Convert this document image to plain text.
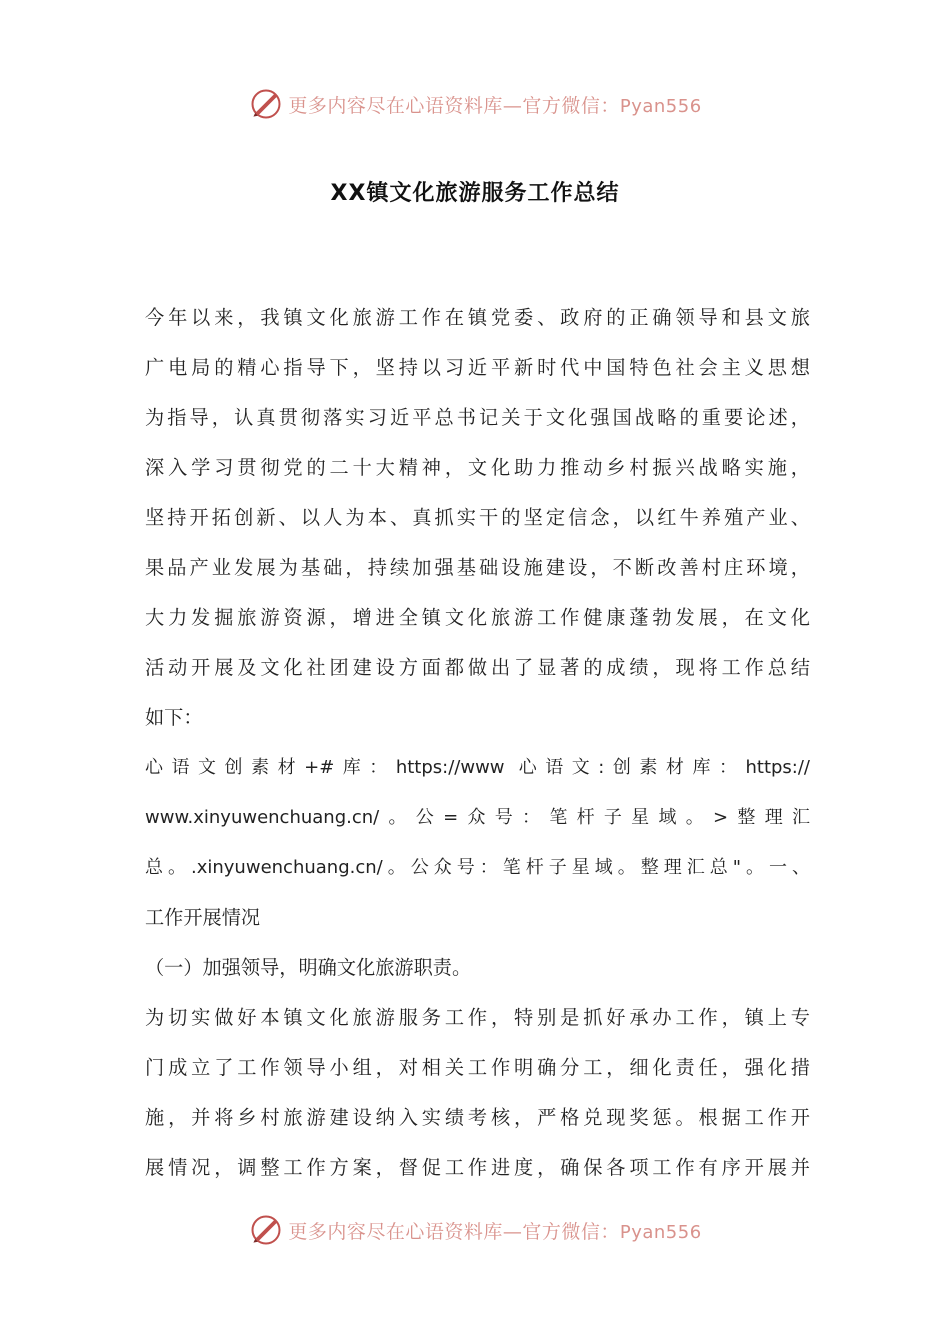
更多内容尽在心语资料库—官方微信：Pyan556
XX镇文化旅游服务工作总结
今年以来，我镇文化旅游工作在镇党委、政府的正确领导和县文旅
广电局的精心指导下，坚持以习近平新时代中国特色社会主义思想
为指导，认真贯彻落实习近平总书记关于文化强国战略的重要论述，
深入学习贯彻党的二十大精神，文化助力推动乡村振兴战略实施，
坚持开拓创新、以人为本、真抓实干的坚定信念，以红牛养殖产业、
果品产业发展为基础，持续加强基础设施建设，不断改善村庄环境，
大力发掘旅游资源，增进全镇文化旅游工作健康蓬勃发展，在文化
活动开展及文化社团建设方面都做出了显著的成绩，现将工作总结
如下：
心语文创素材+#库：https://www 心语文:创素材库：https://
www.xinyuwenchuang.cn/。公=众号：笔杆子星域。>整理汇
总。.xinyuwenchuang.cn/。公众号：笔杆子星域。整理汇总"。一、
工作开展情况
（一）加强领导，明确文化旅游职责。
为切实做好本镇文化旅游服务工作，特别是抓好承办工作，镇上专
门成立了工作领导小组，对相关工作明确分工，细化责任，强化措
施，并将乡村旅游建设纳入实绩考核，严格兑现奖惩。根据工作开
展情况，调整工作方案，督促工作进度，确保各项工作有序开展并
更多内容尽在心语资料库—官方微信：Pyan556
